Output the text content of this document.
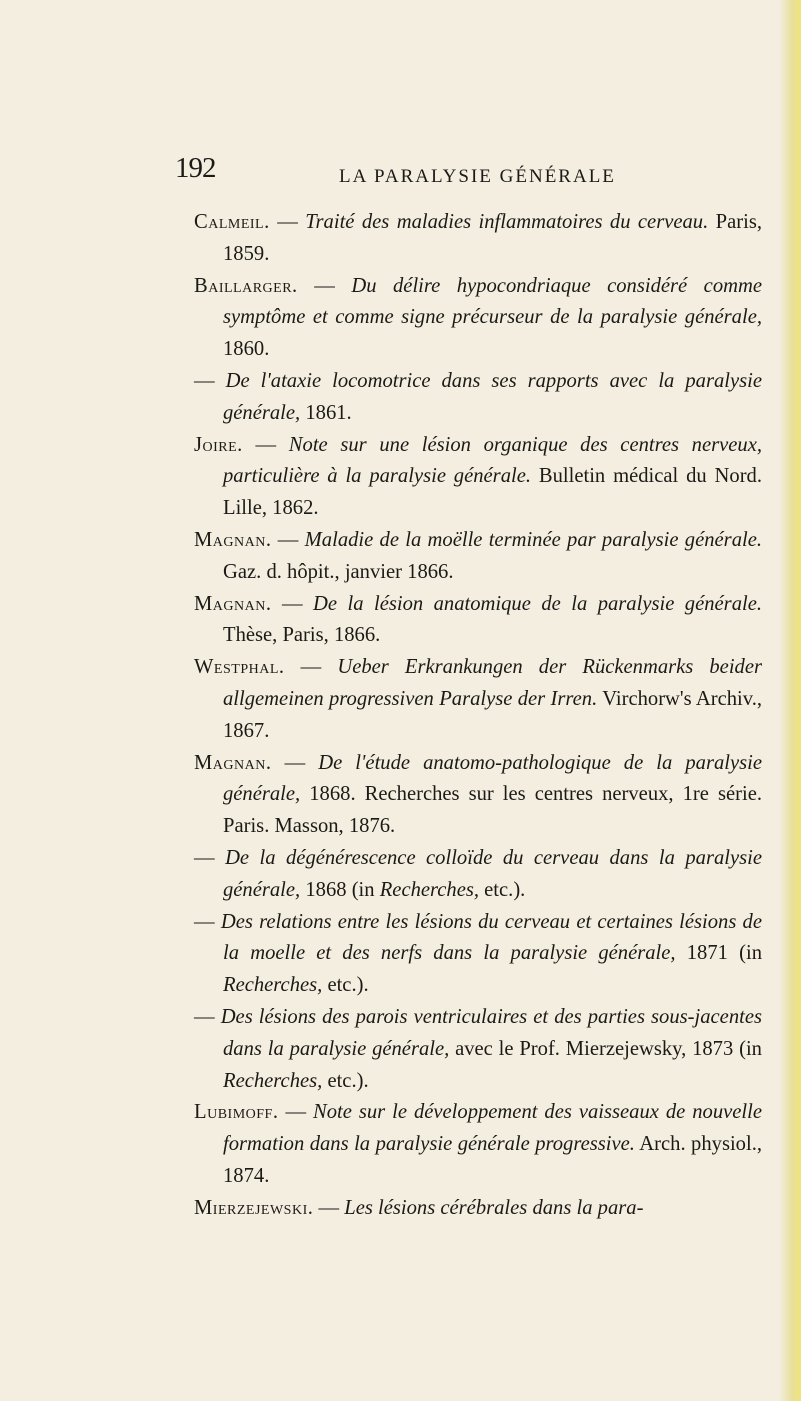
192	LA PARALYSIE GÉNÉRALE

Calmeil. — Traité des maladies inflammatoires du cerveau. Paris, 1859.

Baillarger. — Du délire hypocondriaque considéré comme symptôme et comme signe précurseur de la paralysie générale, 1860.

— De l'ataxie locomotrice dans ses rapports avec la paralysie générale, 1861.

Joire. — Note sur une lésion organique des centres nerveux, particulière à la paralysie générale. Bulletin médical du Nord. Lille, 1862.

Magnan. — Maladie de la moëlle terminée par paralysie générale. Gaz. d. hôpit., janvier 1866.

Magnan. — De la lésion anatomique de la paralysie générale. Thèse, Paris, 1866.

Westphal. — Ueber Erkrankungen der Rückenmarks beider allgemeinen progressiven Paralyse der Irren. Virchorw's Archiv., 1867.

Magnan. — De l'étude anatomo-pathologique de la paralysie générale, 1868. Recherches sur les centres nerveux, 1re série. Paris. Masson, 1876.

— De la dégénérescence colloïde du cerveau dans la paralysie générale, 1868 (in Recherches, etc.).

— Des relations entre les lésions du cerveau et certaines lésions de la moelle et des nerfs dans la paralysie générale, 1871 (in Recherches, etc.).

— Des lésions des parois ventriculaires et des parties sous-jacentes dans la paralysie générale, avec le Prof. Mierzejewsky, 1873 (in Recherches, etc.).

Lubimoff. — Note sur le développement des vaisseaux de nouvelle formation dans la paralysie générale progressive. Arch. physiol., 1874.

Mierzejewski. — Les lésions cérébrales dans la para-
